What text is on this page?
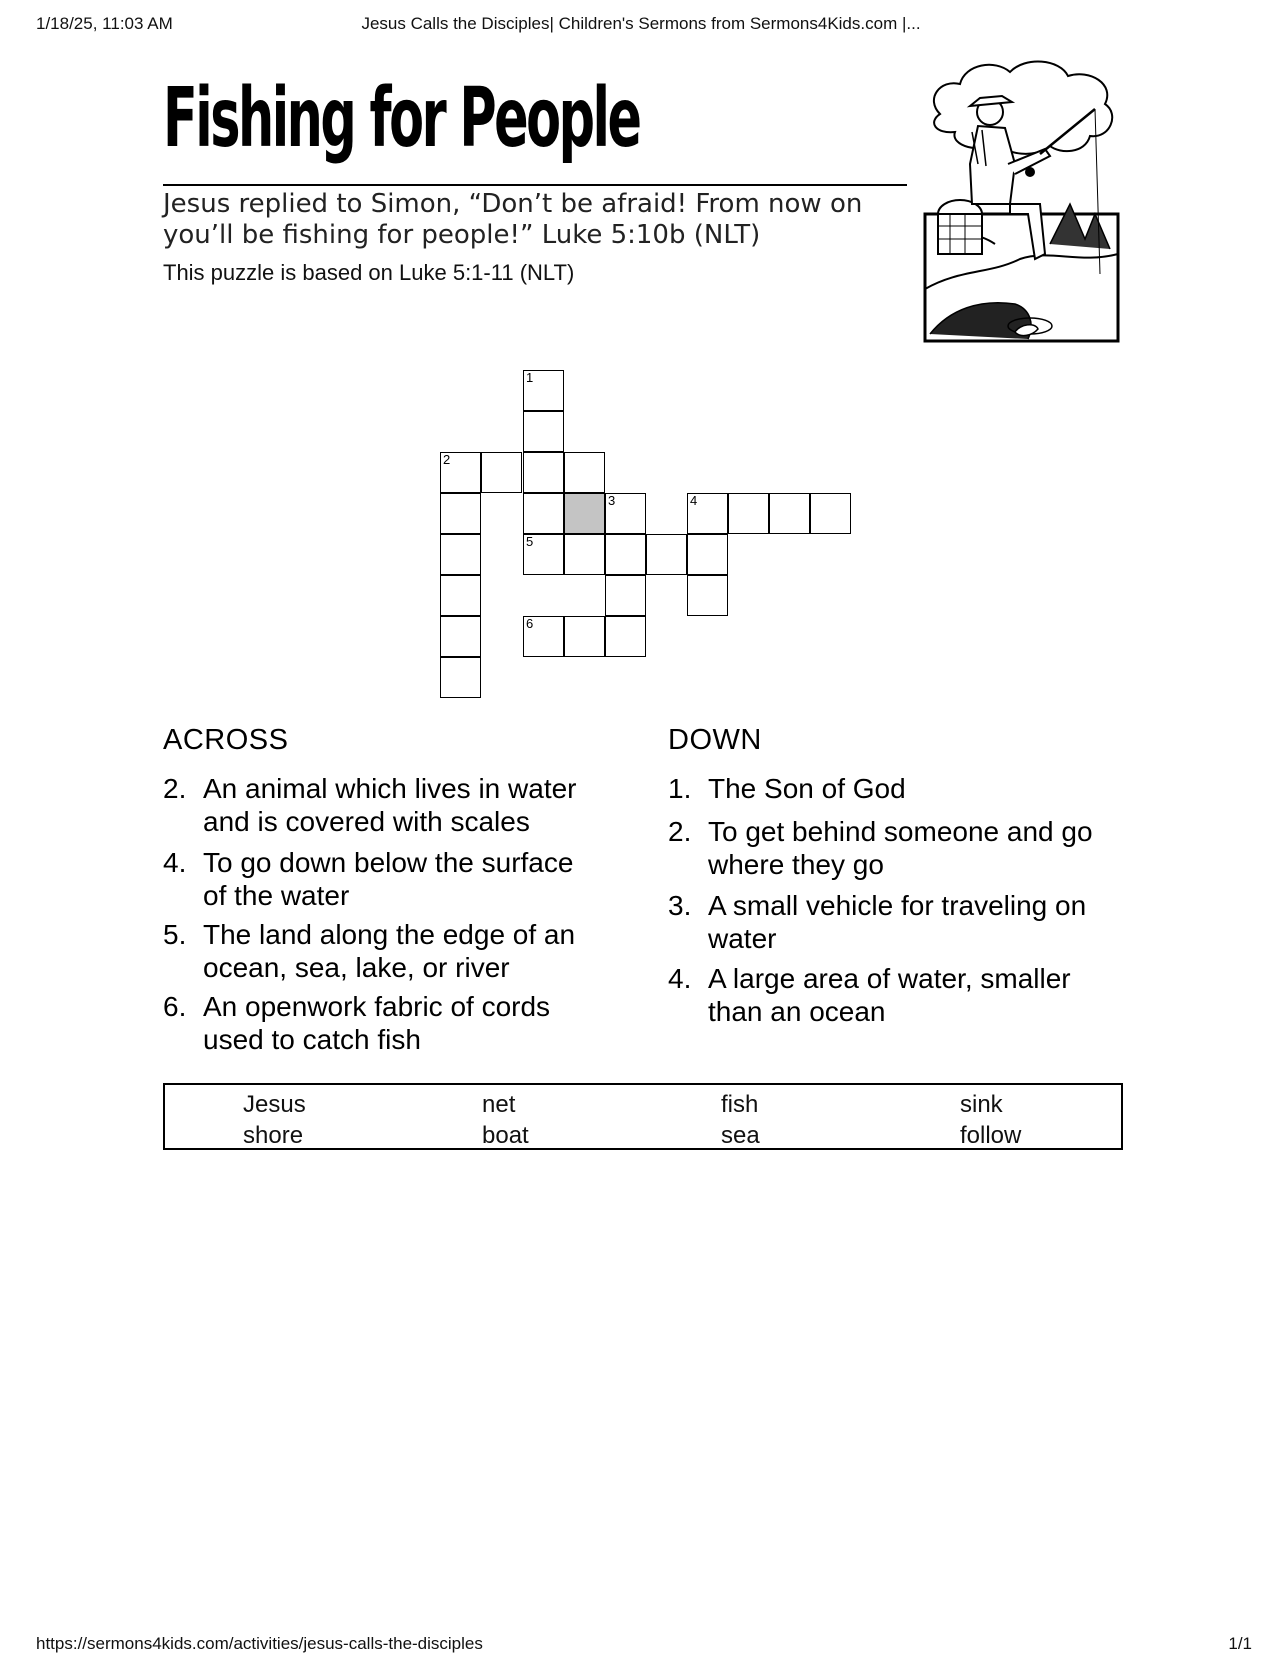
1/18/25, 11:03 AM	Jesus Calls the Disciples| Children's Sermons from Sermons4Kids.com |...
Fishing for People
Jesus replied to Simon, “Don’t be afraid! From now on
you’ll be fishing for people!” Luke 5:10b (NLT)
This puzzle is based on Luke 5:1-11 (NLT)
1
2
3	4
5
6
ACROSS	DOWN
2. An animal which lives in water and is covered with scales
4. To go down below the surface of the water
5. The land along the edge of an ocean, sea, lake, or river
6. An openwork fabric of cords used to catch fish
1. The Son of God
2. To get behind someone and go where they go
3. A small vehicle for traveling on water
4. A large area of water, smaller than an ocean
Jesus	net	fish	sink
shore	boat	sea	follow
https://sermons4kids.com/activities/jesus-calls-the-disciples	1/1
